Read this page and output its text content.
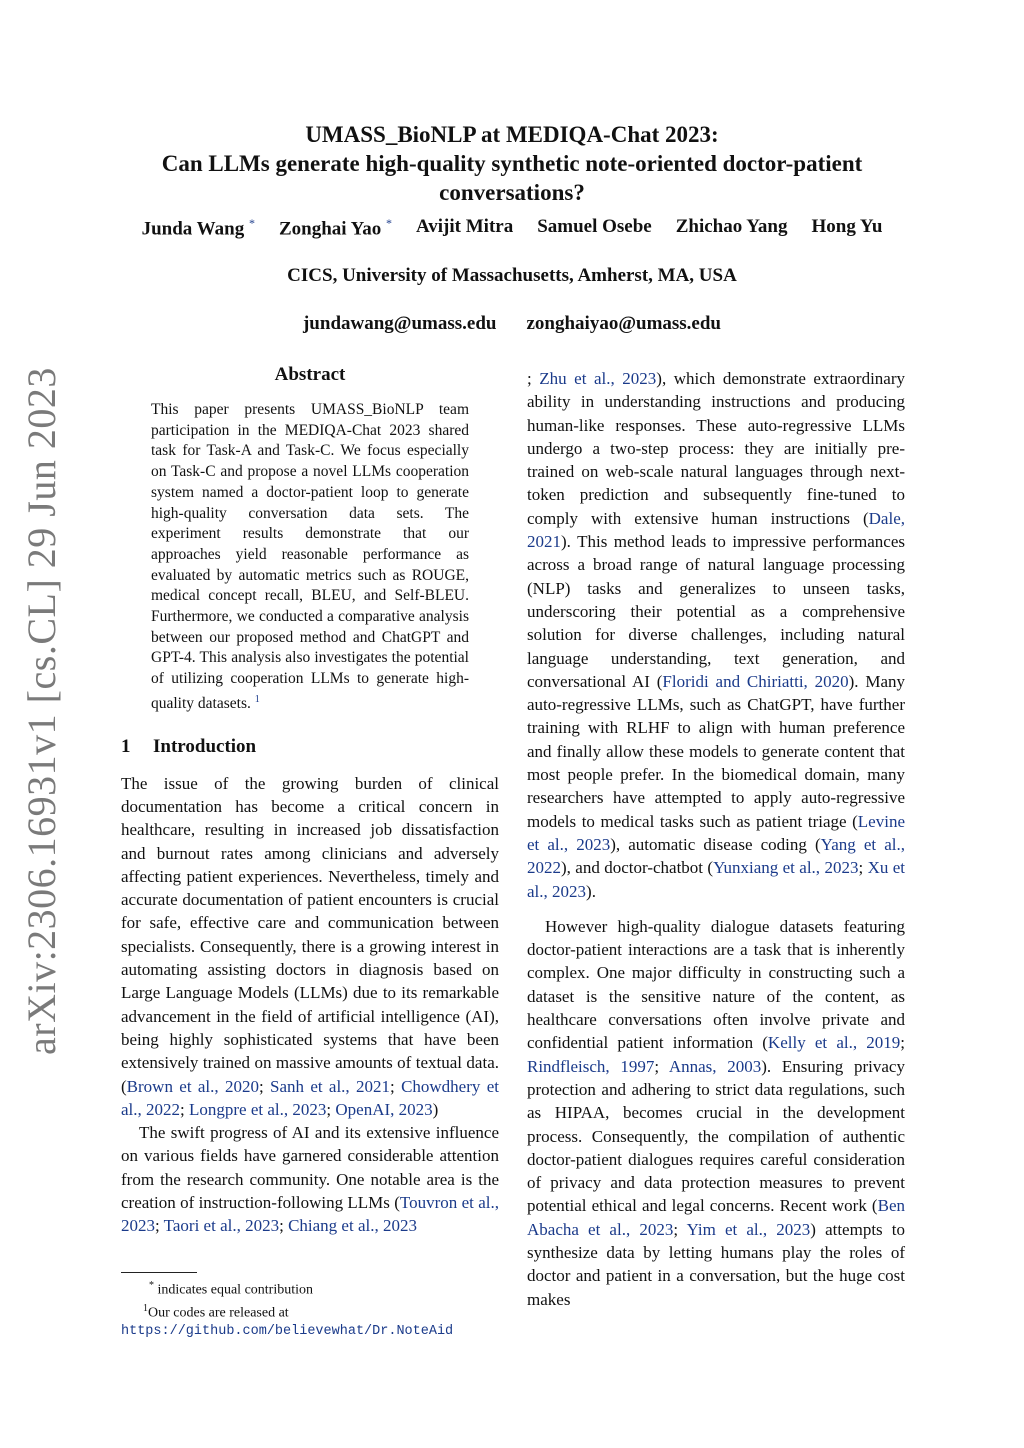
arXiv:2306.16931v1 [cs.CL] 29 Jun 2023
UMASS_BioNLP at MEDIQA-Chat 2023:
Can LLMs generate high-quality synthetic note-oriented doctor-patient
conversations?
Junda Wang * Zonghai Yao * Avijit Mitra Samuel Osebe Zhichao Yang Hong Yu
CICS, University of Massachusetts, Amherst, MA, USA
jundawang@umass.edu zonghaiyao@umass.edu
Abstract
This paper presents UMASS_BioNLP team participation in the MEDIQA-Chat 2023 shared task for Task-A and Task-C. We focus especially on Task-C and propose a novel LLMs cooperation system named a doctor-patient loop to generate high-quality conversation data sets. The experiment results demonstrate that our approaches yield reasonable performance as evaluated by automatic metrics such as ROUGE, medical concept recall, BLEU, and Self-BLEU. Furthermore, we conducted a comparative analysis between our proposed method and ChatGPT and GPT-4. This analysis also investigates the potential of utilizing cooperation LLMs to generate high-quality datasets. $^1$
1 Introduction

The issue of the growing burden of clinical documentation has become a critical concern in healthcare, resulting in increased job dissatisfaction and burnout rates among clinicians and adversely affecting patient experiences. Nevertheless, timely and accurate documentation of patient encounters is crucial for safe, effective care and communication between specialists. Consequently, there is a growing interest in automating assisting doctors in diagnosis based on Large Language Models (LLMs) due to its remarkable advancement in the field of artificial intelligence (AI), being highly sophisticated systems that have been extensively trained on massive amounts of textual data. (Brown et al., 2020; Sanh et al., 2021; Chowdhery et al., 2022; Longpre et al., 2023; OpenAI, 2023)

The swift progress of AI and its extensive influence on various fields have garnered considerable attention from the research community. One notable area is the creation of instruction-following LLMs (Touvron et al., 2023; Taori et al., 2023; Chiang et al., 2023

; Zhu et al., 2023), which demonstrate extraordinary ability in understanding instructions and producing human-like responses. These auto-regressive LLMs undergo a two-step process: they are initially pre-trained on web-scale natural languages through next-token prediction and subsequently fine-tuned to comply with extensive human instructions (Dale, 2021). This method leads to impressive performances across a broad range of natural language processing (NLP) tasks and generalizes to unseen tasks, underscoring their potential as a comprehensive solution for diverse challenges, including natural language understanding, text generation, and conversational AI (Floridi and Chiriatti, 2020). Many auto-regressive LLMs, such as ChatGPT, have further training with RLHF to align with human preference and finally allow these models to generate content that most people prefer. In the biomedical domain, many researchers have attempted to apply auto-regressive models to medical tasks such as patient triage (Levine et al., 2023), automatic disease coding (Yang et al., 2022), and doctor-chatbot (Yunxiang et al., 2023; Xu et al., 2023).

However high-quality dialogue datasets featuring doctor-patient interactions are a task that is inherently complex. One major difficulty in constructing such a dataset is the sensitive nature of the content, as healthcare conversations often involve private and confidential patient information (Kelly et al., 2019; Rindfleisch, 1997; Annas, 2003). Ensuring privacy protection and adhering to strict data regulations, such as HIPAA, becomes crucial in the development process. Consequently, the compilation of authentic doctor-patient dialogues requires careful consideration of privacy and data protection measures to prevent potential ethical and legal concerns. Recent work (Ben Abacha et al., 2023; Yim et al., 2023) attempts to synthesize data by letting humans play the roles of doctor and patient in a conversation, but the huge cost makes

* indicates equal contribution
$^1$Our codes are released at https://github.com/believewhat/Dr.NoteAid
